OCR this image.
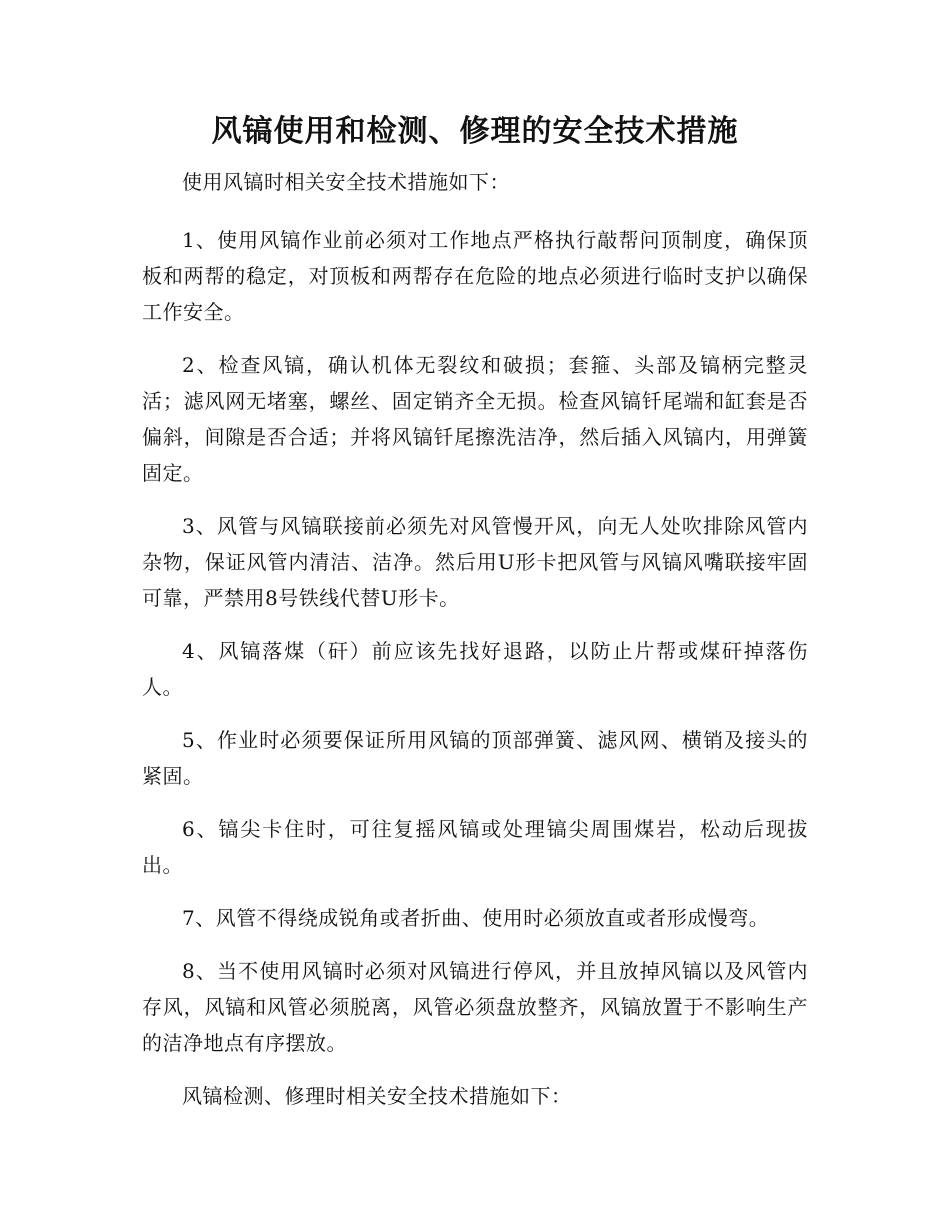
风镐使用和检测、修理的安全技术措施

使用风镐时相关安全技术措施如下：

1、使用风镐作业前必须对工作地点严格执行敲帮问顶制度，确保顶板和两帮的稳定，对顶板和两帮存在危险的地点必须进行临时支护以确保工作安全。

2、检查风镐，确认机体无裂纹和破损；套箍、头部及镐柄完整灵活；滤风网无堵塞，螺丝、固定销齐全无损。检查风镐钎尾端和缸套是否偏斜，间隙是否合适；并将风镐钎尾擦洗洁净，然后插入风镐内，用弹簧固定。

3、风管与风镐联接前必须先对风管慢开风，向无人处吹排除风管内杂物，保证风管内清洁、洁净。然后用U形卡把风管与风镐风嘴联接牢固可靠，严禁用8号铁线代替U形卡。

4、风镐落煤（矸）前应该先找好退路，以防止片帮或煤矸掉落伤人。

5、作业时必须要保证所用风镐的顶部弹簧、滤风网、横销及接头的紧固。

6、镐尖卡住时，可往复摇风镐或处理镐尖周围煤岩，松动后现拔出。

7、风管不得绕成锐角或者折曲、使用时必须放直或者形成慢弯。

8、当不使用风镐时必须对风镐进行停风，并且放掉风镐以及风管内存风，风镐和风管必须脱离，风管必须盘放整齐，风镐放置于不影响生产的洁净地点有序摆放。

风镐检测、修理时相关安全技术措施如下：
